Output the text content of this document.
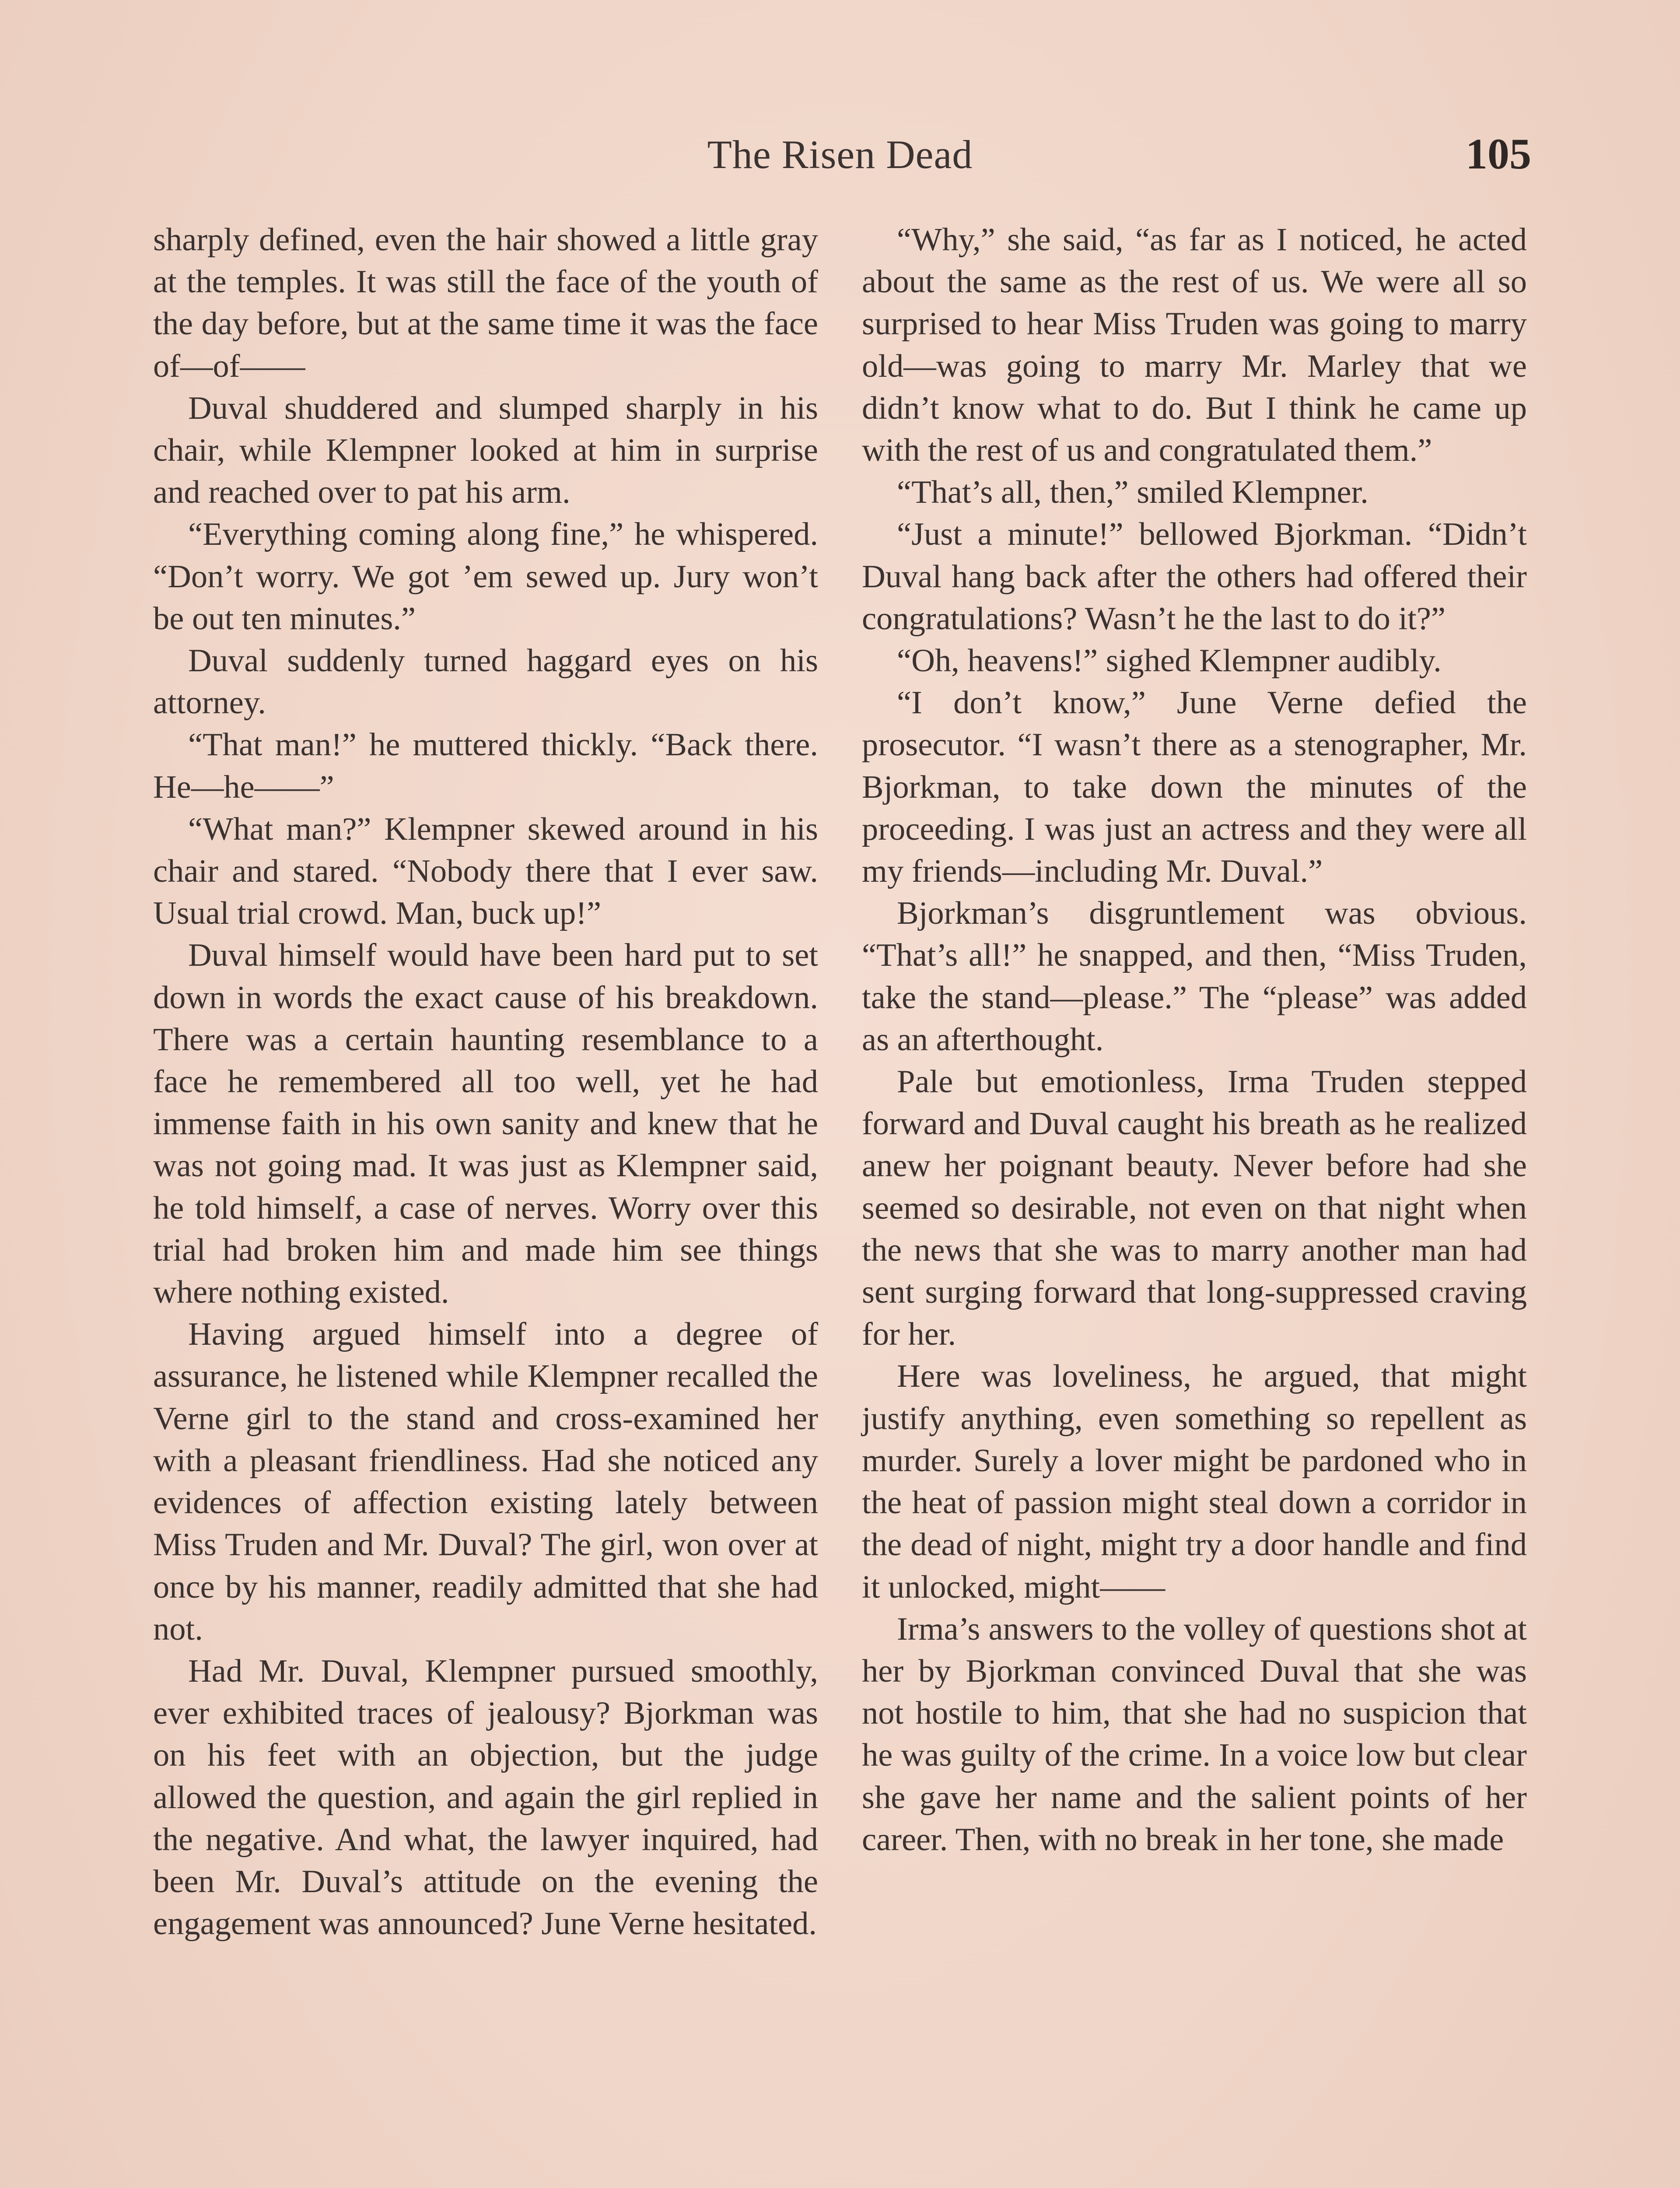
The Risen Dead	105

sharply defined, even the hair showed a little gray at the temples. It was still the face of the youth of the day before, but at the same time it was the face of—of——

Duval shuddered and slumped sharply in his chair, while Klempner looked at him in surprise and reached over to pat his arm.

“Everything coming along fine,” he whispered. “Don’t worry. We got ’em sewed up. Jury won’t be out ten minutes.”

Duval suddenly turned haggard eyes on his attorney.

“That man!” he muttered thickly. “Back there. He—he——”

“What man?” Klempner skewed around in his chair and stared. “Nobody there that I ever saw. Usual trial crowd. Man, buck up!”

Duval himself would have been hard put to set down in words the exact cause of his breakdown. There was a certain haunting resemblance to a face he remembered all too well, yet he had immense faith in his own sanity and knew that he was not going mad. It was just as Klempner said, he told himself, a case of nerves. Worry over this trial had broken him and made him see things where nothing existed.

Having argued himself into a degree of assurance, he listened while Klempner recalled the Verne girl to the stand and cross-examined her with a pleasant friendliness. Had she noticed any evidences of affection existing lately between Miss Truden and Mr. Duval? The girl, won over at once by his manner, readily admitted that she had not.

Had Mr. Duval, Klempner pursued smoothly, ever exhibited traces of jealousy? Bjorkman was on his feet with an objection, but the judge allowed the question, and again the girl replied in the negative. And what, the lawyer inquired, had been Mr. Duval’s attitude on the evening the engagement was announced? June Verne hesitated.

“Why,” she said, “as far as I noticed, he acted about the same as the rest of us. We were all so surprised to hear Miss Truden was going to marry old—was going to marry Mr. Marley that we didn’t know what to do. But I think he came up with the rest of us and congratulated them.”

“That’s all, then,” smiled Klempner.

“Just a minute!” bellowed Bjorkman. “Didn’t Duval hang back after the others had offered their congratulations? Wasn’t he the last to do it?”

“Oh, heavens!” sighed Klempner audibly.

“I don’t know,” June Verne defied the prosecutor. “I wasn’t there as a stenographer, Mr. Bjorkman, to take down the minutes of the proceeding. I was just an actress and they were all my friends—including Mr. Duval.”

Bjorkman’s disgruntlement was obvious. “That’s all!” he snapped, and then, “Miss Truden, take the stand—please.” The “please” was added as an afterthought.

Pale but emotionless, Irma Truden stepped forward and Duval caught his breath as he realized anew her poignant beauty. Never before had she seemed so desirable, not even on that night when the news that she was to marry another man had sent surging forward that long-suppressed craving for her.

Here was loveliness, he argued, that might justify anything, even something so repellent as murder. Surely a lover might be pardoned who in the heat of passion might steal down a corridor in the dead of night, might try a door handle and find it unlocked, might——

Irma’s answers to the volley of questions shot at her by Bjorkman convinced Duval that she was not hostile to him, that she had no suspicion that he was guilty of the crime. In a voice low but clear she gave her name and the salient points of her career. Then, with no break in her tone, she made
